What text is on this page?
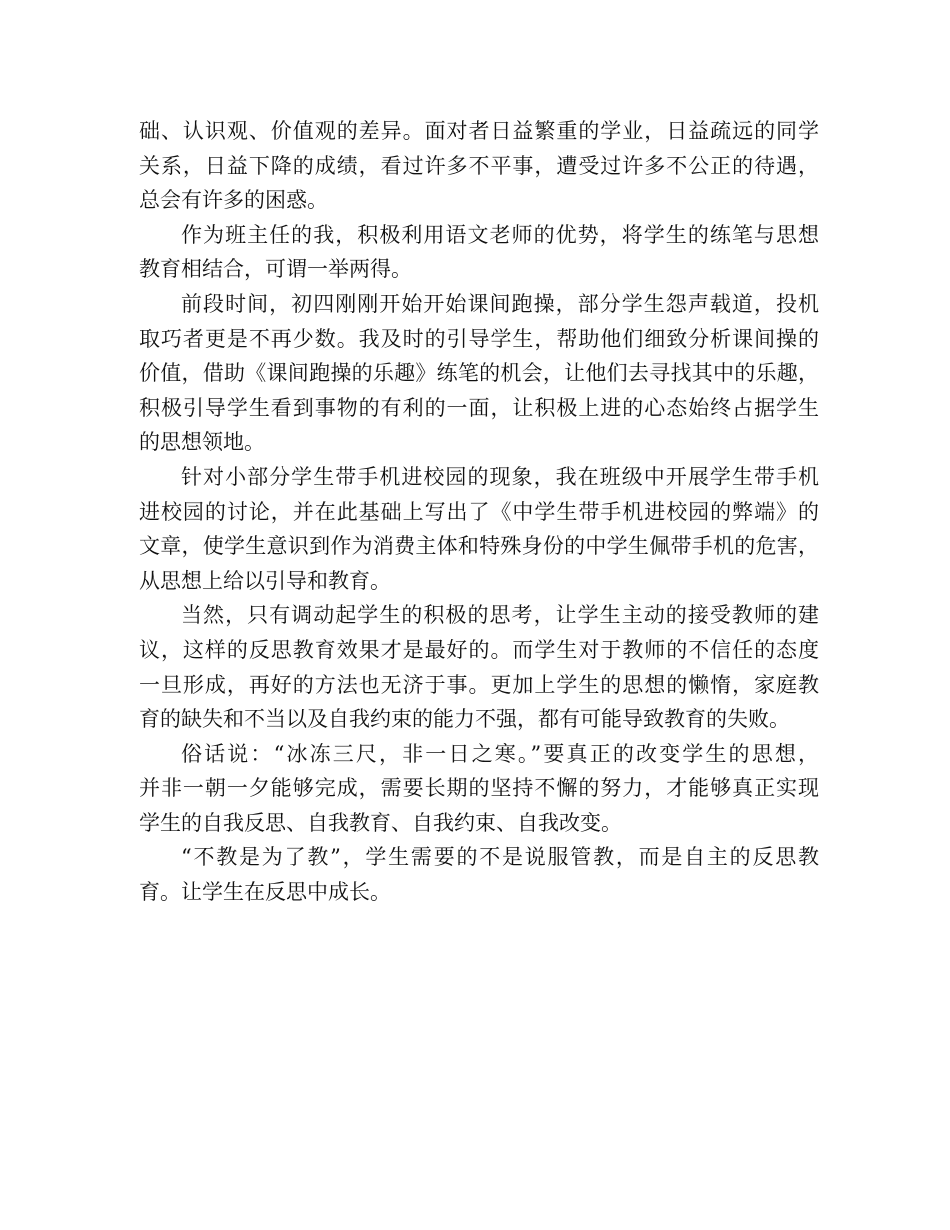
础、认识观、价值观的差异。面对者日益繁重的学业，日益疏远的同学
关系，日益下降的成绩，看过许多不平事，遭受过许多不公正的待遇，
总会有许多的困惑。
作为班主任的我，积极利用语文老师的优势，将学生的练笔与思想
教育相结合，可谓一举两得。
前段时间，初四刚刚开始开始课间跑操，部分学生怨声载道，投机
取巧者更是不再少数。我及时的引导学生，帮助他们细致分析课间操的
价值，借助《课间跑操的乐趣》练笔的机会，让他们去寻找其中的乐趣，
积极引导学生看到事物的有利的一面，让积极上进的心态始终占据学生
的思想领地。
针对小部分学生带手机进校园的现象，我在班级中开展学生带手机
进校园的讨论，并在此基础上写出了《中学生带手机进校园的弊端》的
文章，使学生意识到作为消费主体和特殊身份的中学生佩带手机的危害，
从思想上给以引导和教育。
当然，只有调动起学生的积极的思考，让学生主动的接受教师的建
议，这样的反思教育效果才是最好的。而学生对于教师的不信任的态度
一旦形成，再好的方法也无济于事。更加上学生的思想的懒惰，家庭教
育的缺失和不当以及自我约束的能力不强，都有可能导致教育的失败。
俗话说：“冰冻三尺，非一日之寒。”要真正的改变学生的思想，
并非一朝一夕能够完成，需要长期的坚持不懈的努力，才能够真正实现
学生的自我反思、自我教育、自我约束、自我改变。
“不教是为了教”，学生需要的不是说服管教，而是自主的反思教
育。让学生在反思中成长。
